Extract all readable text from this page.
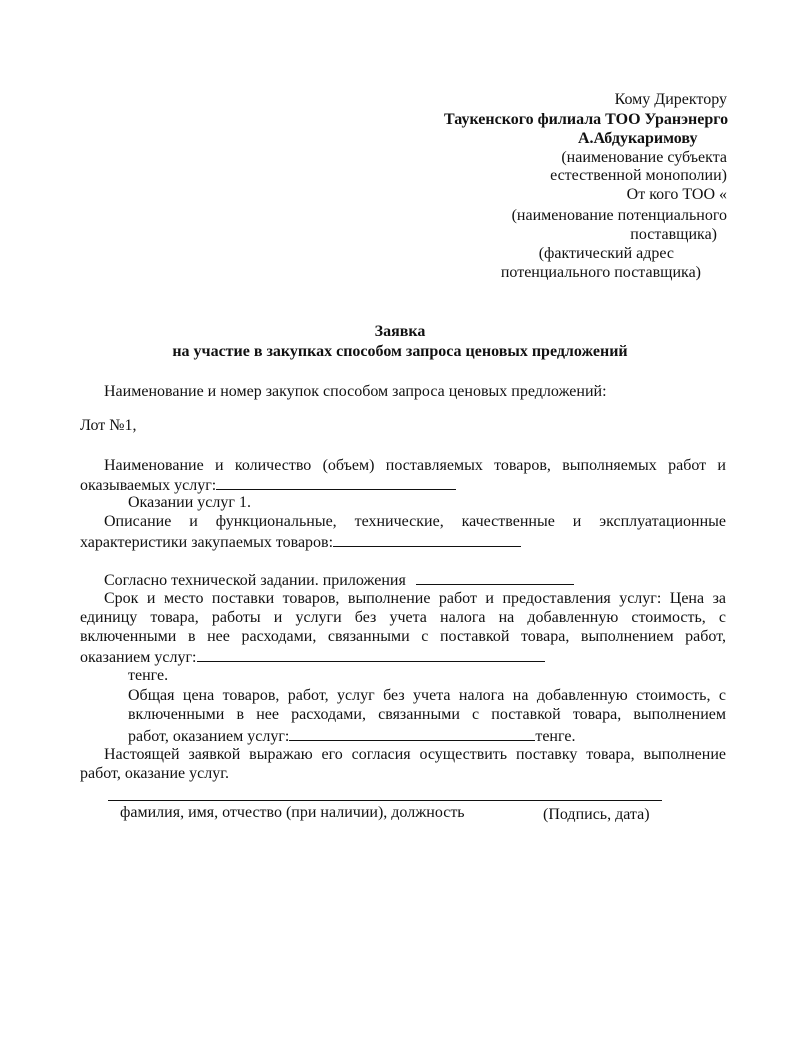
Кому Директору
Таукенского филиала ТОО Уранэнерго
А.Абдукаримову
(наименование субъекта
естественной монополии)
От кого ТОО «
(наименование потенциального
поставщика)
(фактический адрес
потенциального поставщика)
Заявка
на участие в закупках способом запроса ценовых предложений
Наименование и номер закупок способом запроса ценовых предложений:
Лот №1,
Наименование и количество (объем) поставляемых товаров, выполняемых работ и
оказываемых услуг:
Оказании услуг 1.
Описание и функциональные, технические, качественные и эксплуатационные
характеристики закупаемых товаров:
Согласно технической задании. приложения
Срок и место поставки товаров, выполнение работ и предоставления услуг: Цена за
единицу товара, работы и услуги без учета налога на добавленную стоимость, с
включенными в нее расходами, связанными с поставкой товара, выполнением работ,
оказанием услуг:
тенге.
Общая цена товаров, работ, услуг без учета налога на добавленную стоимость, с
включенными в нее расходами, связанными с поставкой товара, выполнением
работ, оказанием услуг:	тенге.
Настоящей заявкой выражаю его согласия осуществить поставку товара, выполнение
работ, оказание услуг.
фамилия, имя, отчество (при наличии), должность	(Подпись, дата)
